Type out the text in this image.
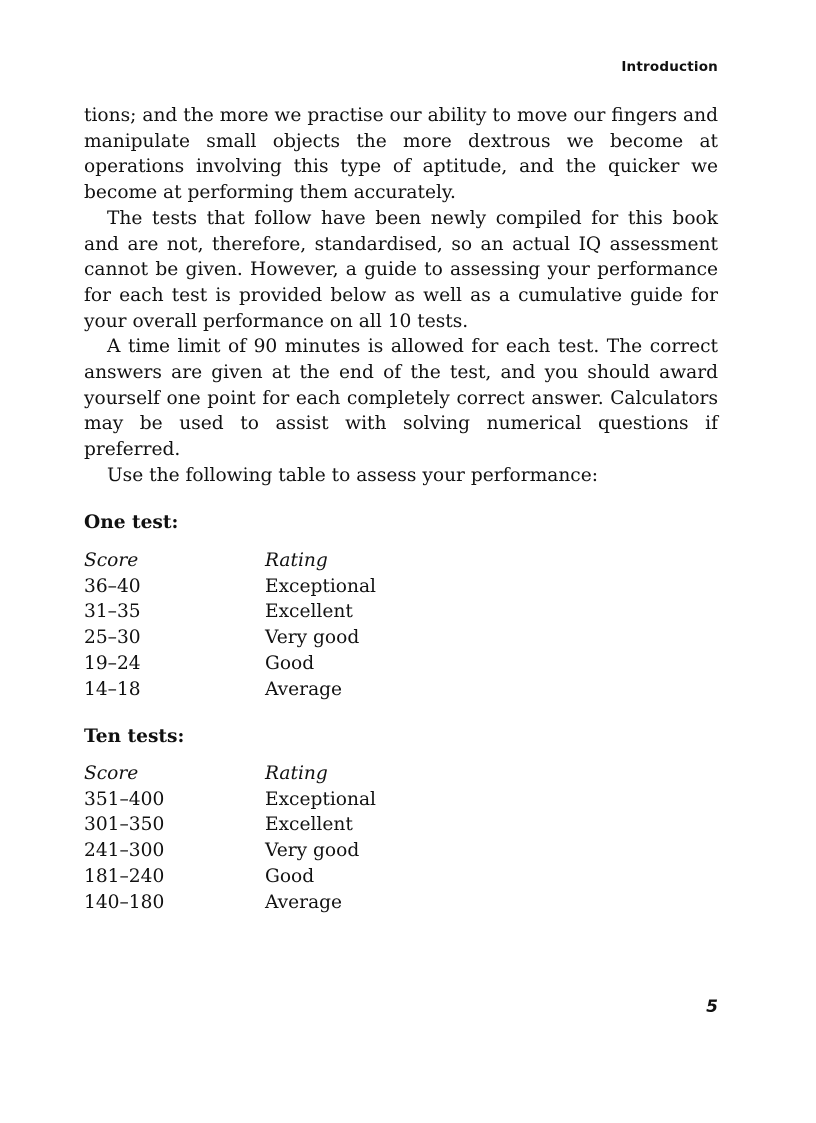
Introduction

tions; and the more we practise our ability to move our fingers and manipulate small objects the more dextrous we become at operations involving this type of aptitude, and the quicker we become at performing them accurately.

The tests that follow have been newly compiled for this book and are not, therefore, standardised, so an actual IQ assessment cannot be given. However, a guide to assessing your performance for each test is provided below as well as a cumulative guide for your overall performance on all 10 tests.

A time limit of 90 minutes is allowed for each test. The correct answers are given at the end of the test, and you should award yourself one point for each completely correct answer. Calculators may be used to assist with solving numerical questions if preferred.

Use the following table to assess your performance:

One test:
Score	Rating
36–40	Exceptional
31–35	Excellent
25–30	Very good
19–24	Good
14–18	Average
Ten tests:
Score	Rating
351–400	Exceptional
301–350	Excellent
241–300	Very good
181–240	Good
140–180	Average
5
